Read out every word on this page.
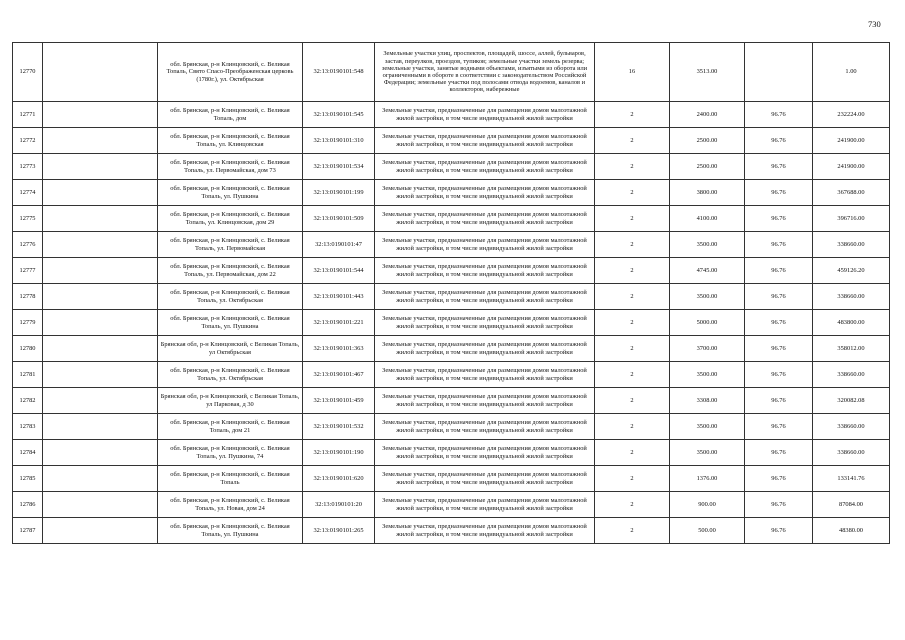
730
12770		обл. Брянская, р-н Клинцовский, с. Великая Топаль, Свято Спасо-Преображенская церковь (1780г.), ул. Октябрьская	32:13:0190101:548	Земельные участки улиц, проспектов, площадей, шоссе, аллей, бульваров, застав, переулков, проездов, тупиков; земельные участки земель резерва; земельные участки, занятые водными объектами, изъятыми из оборота или ограниченными в обороте в соответствии с законодательством Российской Федерации; земельные участки под полосами отвода водоемов, каналов и коллекторов, набережные	16	3513.00		1.00
12771		обл. Брянская, р-н Клинцовский, с. Великая Топаль, дом	32:13:0190101:545	Земельные участки, предназначенные для размещения домов малоэтажной жилой застройки, в том числе индивидуальной жилой застройки	2	2400.00	96.76	232224.00
12772		обл. Брянская, р-н Клинцовский, с. Великая Топаль, ул. Клинцовская	32:13:0190101:310	Земельные участки, предназначенные для размещения домов малоэтажной жилой застройки, в том числе индивидуальной жилой застройки	2	2500.00	96.76	241900.00
12773		обл. Брянская, р-н Клинцовский, с. Великая Топаль, ул. Первомайская, дом 73	32:13:0190101:534	Земельные участки, предназначенные для размещения домов малоэтажной жилой застройки, в том числе индивидуальной жилой застройки	2	2500.00	96.76	241900.00
12774		обл. Брянская, р-н Клинцовский, с. Великая Топаль, ул. Пушкина	32:13:0190101:199	Земельные участки, предназначенные для размещения домов малоэтажной жилой застройки, в том числе индивидуальной жилой застройки	2	3800.00	96.76	367688.00
12775		обл. Брянская, р-н Клинцовский, с. Великая Топаль, ул. Клинцовская, дом 29	32:13:0190101:509	Земельные участки, предназначенные для размещения домов малоэтажной жилой застройки, в том числе индивидуальной жилой застройки	2	4100.00	96.76	396716.00
12776		обл. Брянская, р-н Клинцовский, с. Великая Топаль, ул. Первомайская	32:13:0190101:47	Земельные участки, предназначенные для размещения домов малоэтажной жилой застройки, в том числе индивидуальной жилой застройки	2	3500.00	96.76	338660.00
12777		обл. Брянская, р-н Клинцовский, с. Великая Топаль, ул. Первомайская, дом 22	32:13:0190101:544	Земельные участки, предназначенные для размещения домов малоэтажной жилой застройки, в том числе индивидуальной жилой застройки	2	4745.00	96.76	459126.20
12778		обл. Брянская, р-н Клинцовский, с. Великая Топаль, ул. Октябрьская	32:13:0190101:443	Земельные участки, предназначенные для размещения домов малоэтажной жилой застройки, в том числе индивидуальной жилой застройки	2	3500.00	96.76	338660.00
12779		обл. Брянская, р-н Клинцовский, с. Великая Топаль, ул. Пушкина	32:13:0190101:221	Земельные участки, предназначенные для размещения домов малоэтажной жилой застройки, в том числе индивидуальной жилой застройки	2	5000.00	96.76	483800.00
12780		Брянская обл, р-н Клинцовский, с Великая Топаль, ул Октябрьская	32:13:0190101:363	Земельные участки, предназначенные для размещения домов малоэтажной жилой застройки, в том числе индивидуальной жилой застройки	2	3700.00	96.76	358012.00
12781		обл. Брянская, р-н Клинцовский, с. Великая Топаль, ул. Октябрьская	32:13:0190101:467	Земельные участки, предназначенные для размещения домов малоэтажной жилой застройки, в том числе индивидуальной жилой застройки	2	3500.00	96.76	338660.00
12782		Брянская обл, р-н Клинцовский, с Великая Топаль, ул Парковая, д 30	32:13:0190101:459	Земельные участки, предназначенные для размещения домов малоэтажной жилой застройки, в том числе индивидуальной жилой застройки	2	3308.00	96.76	320082.08
12783		обл. Брянская, р-н Клинцовский, с. Великая Топаль, дом 21	32:13:0190101:532	Земельные участки, предназначенные для размещения домов малоэтажной жилой застройки, в том числе индивидуальной жилой застройки	2	3500.00	96.76	338660.00
12784		обл. Брянская, р-н Клинцовский, с. Великая Топаль, ул. Пушкина, 74	32:13:0190101:190	Земельные участки, предназначенные для размещения домов малоэтажной жилой застройки, в том числе индивидуальной жилой застройки	2	3500.00	96.76	338660.00
12785		обл. Брянская, р-н Клинцовский, с. Великая Топаль	32:13:0190101:620	Земельные участки, предназначенные для размещения домов малоэтажной жилой застройки, в том числе индивидуальной жилой застройки	2	1376.00	96.76	133141.76
12786		обл. Брянская, р-н Клинцовский, с. Великая Топаль, ул. Новая, дом 24	32:13:0190101:20	Земельные участки, предназначенные для размещения домов малоэтажной жилой застройки, в том числе индивидуальной жилой застройки	2	900.00	96.76	87084.00
12787		обл. Брянская, р-н Клинцовский, с. Великая Топаль, ул. Пушкина	32:13:0190101:265	Земельные участки, предназначенные для размещения домов малоэтажной жилой застройки, в том числе индивидуальной жилой застройки	2	500.00	96.76	48380.00
